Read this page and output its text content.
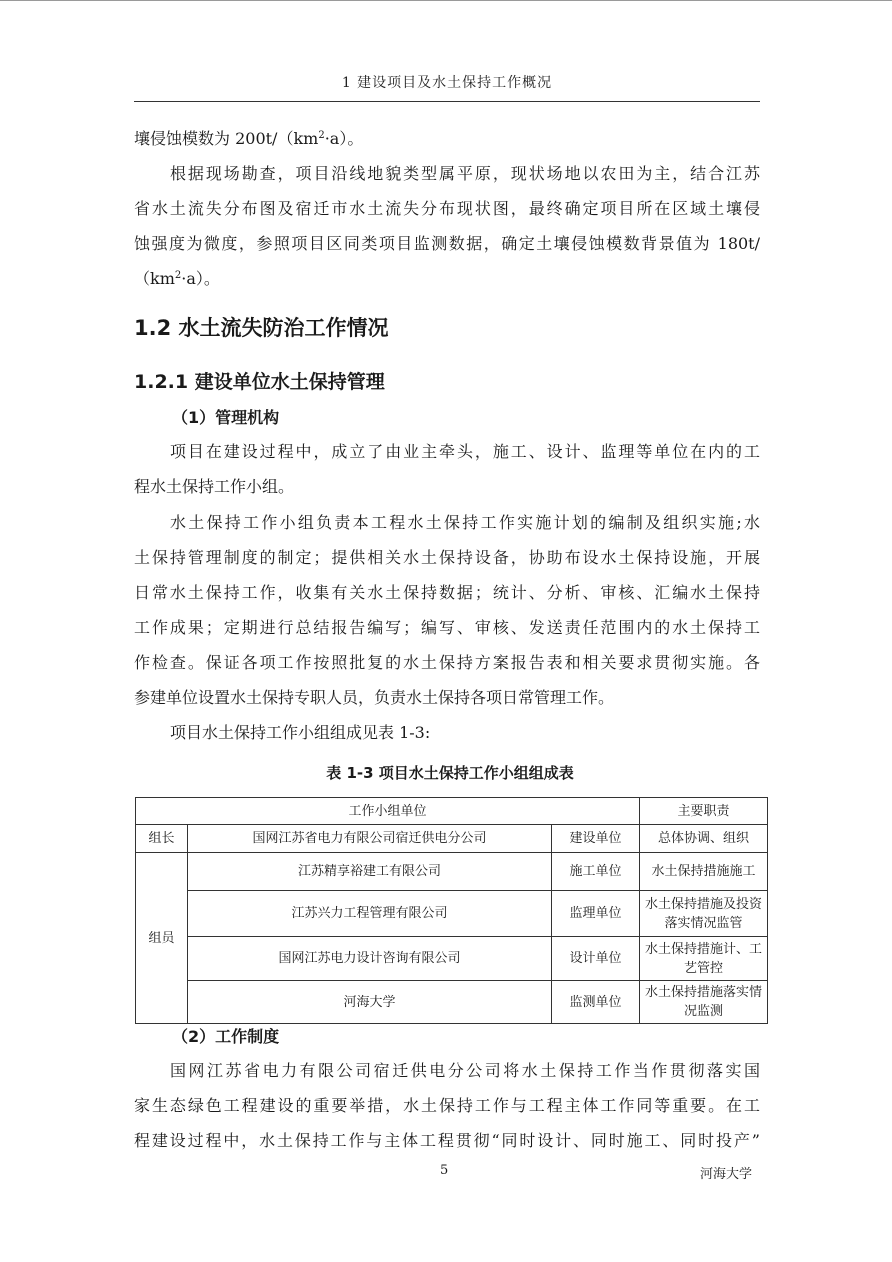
1 建设项目及水土保持工作概况

壤侵蚀模数为 $200t/(km^2\cdot a)$。

根据现场勘查，项目沿线地貌类型属平原，现状场地以农田为主，结合江苏

省水土流失分布图及宿迁市水土流失分布现状图，最终确定项目所在区域土壤侵

蚀强度为微度，参照项目区同类项目监测数据，确定土壤侵蚀模数背景值为 180t/

$(km^2\cdot a)$。

1.2 水土流失防治工作情况
1.2.1 建设单位水土保持管理
（1）管理机构

项目在建设过程中，成立了由业主牵头，施工、设计、监理等单位在内的工

程水土保持工作小组。

水土保持工作小组负责本工程水土保持工作实施计划的编制及组织实施;水

土保持管理制度的制定；提供相关水土保持设备，协助布设水土保持设施，开展

日常水土保持工作，收集有关水土保持数据；统计、分析、审核、汇编水土保持

工作成果；定期进行总结报告编写；编写、审核、发送责任范围内的水土保持工

作检查。保证各项工作按照批复的水土保持方案报告表和相关要求贯彻实施。各

参建单位设置水土保持专职人员，负责水土保持各项日常管理工作。

项目水土保持工作小组组成见表 1-3:

表 1-3 项目水土保持工作小组组成表
工作小组单位			主要职责
组长	国网江苏省电力有限公司宿迁供电分公司	建设单位	总体协调、组织
组员	江苏精享裕建工有限公司	施工单位	水土保持措施施工
	江苏兴力工程管理有限公司	监理单位	水土保持措施及投资落实情况监管
	国网江苏电力设计咨询有限公司	设计单位	水土保持措施计、工艺管控
	河海大学	监测单位	水土保持措施落实情况监测
（2）工作制度

国网江苏省电力有限公司宿迁供电分公司将水土保持工作当作贯彻落实国

家生态绿色工程建设的重要举措，水土保持工作与工程主体工作同等重要。在工

程建设过程中，水土保持工作与主体工程贯彻“同时设计、同时施工、同时投产”

5	河海大学
